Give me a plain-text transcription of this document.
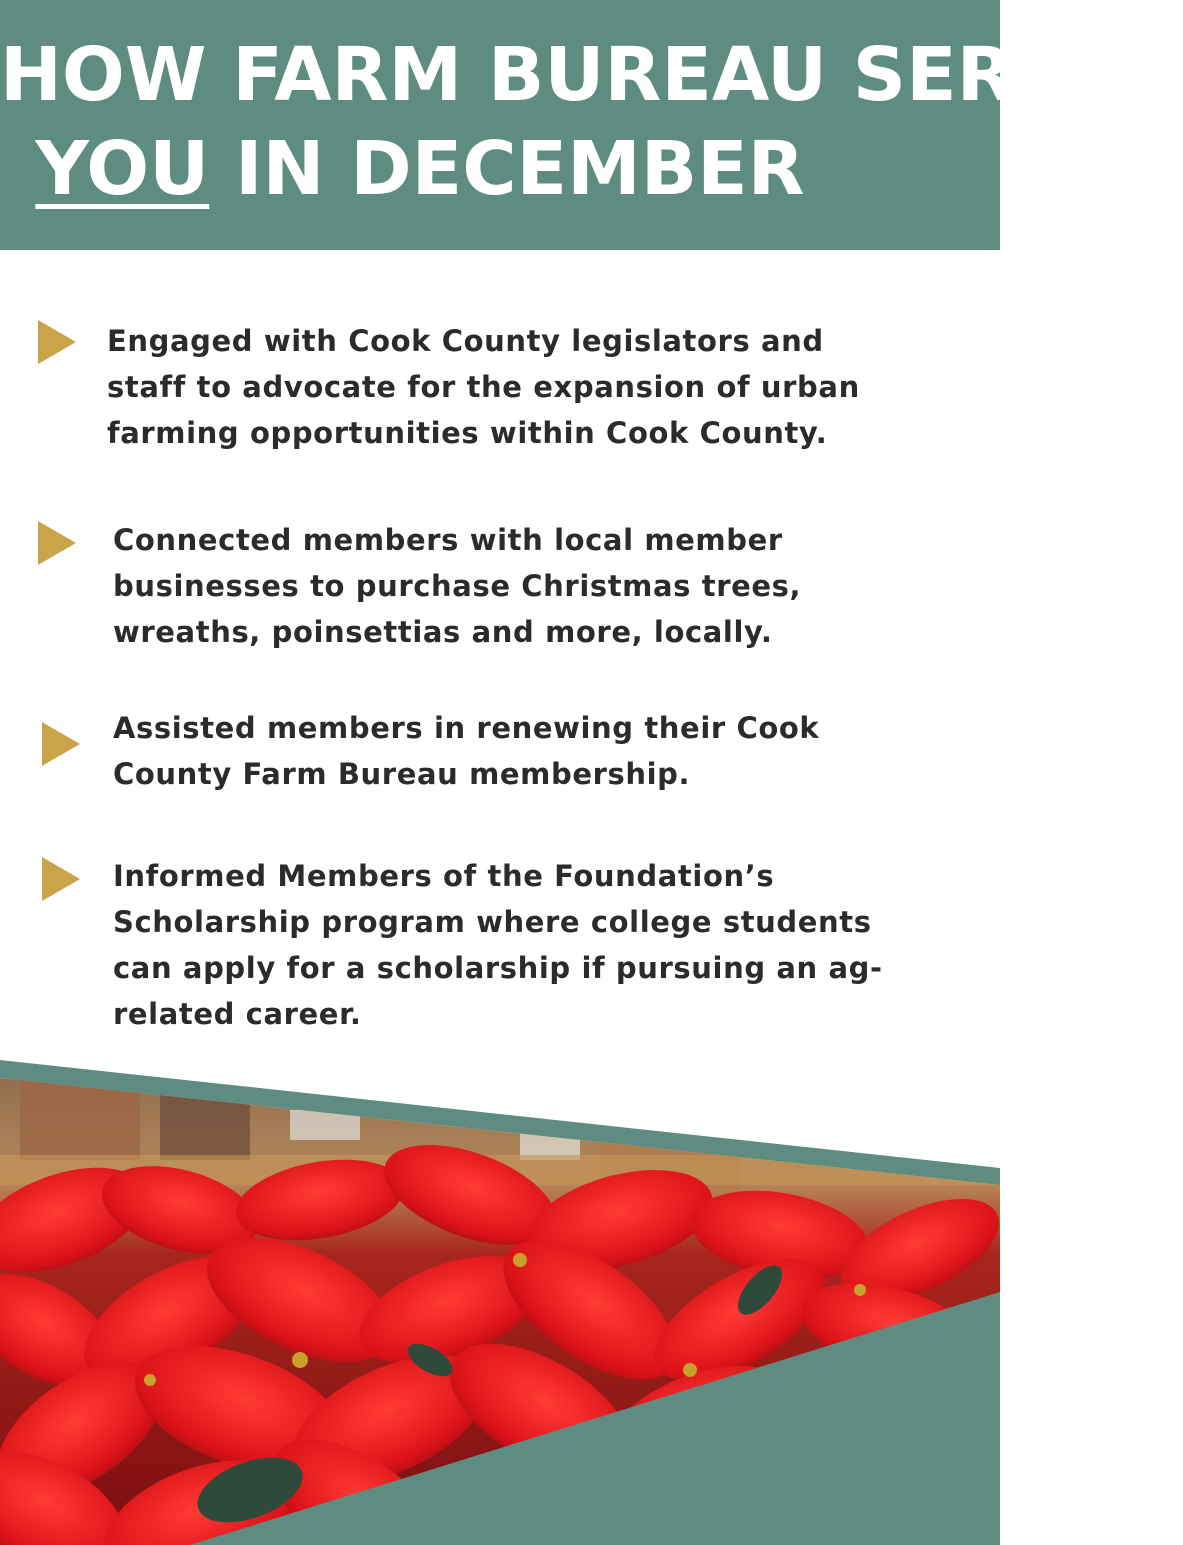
HOW FARM BUREAU SERVED
YOU IN DECEMBER

Engaged with Cook County legislators and
staff to advocate for the expansion of urban
farming opportunities within Cook County.

Connected members with local member
businesses to purchase Christmas trees,
wreaths, poinsettias and more, locally.

Assisted members in renewing their Cook
County Farm Bureau membership.

Informed Members of the Foundation’s
Scholarship program where college students
can apply for a scholarship if pursuing an ag-
related career.
